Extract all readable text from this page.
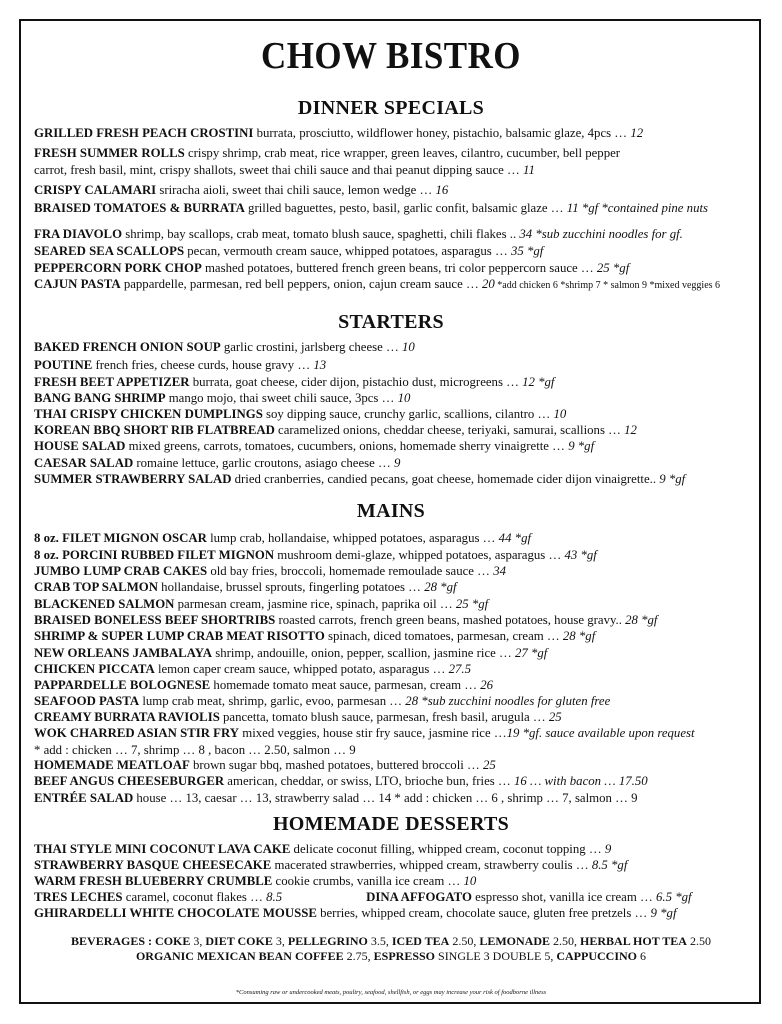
CHOW BISTRO
DINNER SPECIALS
GRILLED FRESH PEACH CROSTINI burrata, prosciutto, wildflower honey, pistachio, balsamic glaze, 4pcs … 12
FRESH SUMMER ROLLS crispy shrimp, crab meat, rice wrapper, green leaves, cilantro, cucumber, bell pepper
carrot, fresh basil, mint, crispy shallots, sweet thai chili sauce and thai peanut dipping sauce … 11
CRISPY CALAMARI sriracha aioli, sweet thai chili sauce, lemon wedge … 16
BRAISED TOMATOES & BURRATA grilled baguettes, pesto, basil, garlic confit, balsamic glaze … 11 *gf *contained pine nuts
FRA DIAVOLO shrimp, bay scallops, crab meat, tomato blush sauce, spaghetti, chili flakes .. 34 *sub zucchini noodles for gf.
SEARED SEA SCALLOPS pecan, vermouth cream sauce, whipped potatoes, asparagus … 35 *gf
PEPPERCORN PORK CHOP mashed potatoes, buttered french green beans, tri color peppercorn sauce … 25 *gf
CAJUN PASTA pappardelle, parmesan, red bell peppers, onion, cajun cream sauce … 20 *add chicken 6 *shrimp 7 * salmon 9 *mixed veggies 6
STARTERS
BAKED FRENCH ONION SOUP garlic crostini, jarlsberg cheese … 10
POUTINE french fries, cheese curds, house gravy … 13
FRESH BEET APPETIZER burrata, goat cheese, cider dijon, pistachio dust, microgreens … 12 *gf
BANG BANG SHRIMP mango mojo, thai sweet chili sauce, 3pcs … 10
THAI CRISPY CHICKEN DUMPLINGS soy dipping sauce, crunchy garlic, scallions, cilantro … 10
KOREAN BBQ SHORT RIB FLATBREAD caramelized onions, cheddar cheese, teriyaki, samurai, scallions … 12
HOUSE SALAD mixed greens, carrots, tomatoes, cucumbers, onions, homemade sherry vinaigrette … 9 *gf
CAESAR SALAD romaine lettuce, garlic croutons, asiago cheese … 9
SUMMER STRAWBERRY SALAD dried cranberries, candied pecans, goat cheese, homemade cider dijon vinaigrette.. 9 *gf
MAINS
8 oz. FILET MIGNON OSCAR lump crab, hollandaise, whipped potatoes, asparagus … 44 *gf
8 oz. PORCINI RUBBED FILET MIGNON mushroom demi-glaze, whipped potatoes, asparagus … 43 *gf
JUMBO LUMP CRAB CAKES old bay fries, broccoli, homemade remoulade sauce … 34
CRAB TOP SALMON hollandaise, brussel sprouts, fingerling potatoes … 28 *gf
BLACKENED SALMON parmesan cream, jasmine rice, spinach, paprika oil … 25 *gf
BRAISED BONELESS BEEF SHORTRIBS roasted carrots, french green beans, mashed potatoes, house gravy.. 28 *gf
SHRIMP & SUPER LUMP CRAB MEAT RISOTTO spinach, diced tomatoes, parmesan, cream … 28 *gf
NEW ORLEANS JAMBALAYA shrimp, andouille, onion, pepper, scallion, jasmine rice … 27 *gf
CHICKEN PICCATA lemon caper cream sauce, whipped potato, asparagus … 27.5
PAPPARDELLE BOLOGNESE homemade tomato meat sauce, parmesan, cream … 26
SEAFOOD PASTA lump crab meat, shrimp, garlic, evoo, parmesan … 28 *sub zucchini noodles for gluten free
CREAMY BURRATA RAVIOLIS pancetta, tomato blush sauce, parmesan, fresh basil, arugula … 25
WOK CHARRED ASIAN STIR FRY mixed veggies, house stir fry sauce, jasmine rice …19 *gf. sauce available upon request
* add : chicken … 7, shrimp … 8 , bacon … 2.50, salmon … 9
HOMEMADE MEATLOAF brown sugar bbq, mashed potatoes, buttered broccoli … 25
BEEF ANGUS CHEESEBURGER american, cheddar, or swiss, LTO, brioche bun, fries … 16 … with bacon … 17.50
ENTRÉE SALAD house … 13, caesar … 13, strawberry salad … 14 * add : chicken … 6 , shrimp … 7, salmon … 9
HOMEMADE DESSERTS
THAI STYLE MINI COCONUT LAVA CAKE delicate coconut filling, whipped cream, coconut topping … 9
STRAWBERRY BASQUE CHEESECAKE macerated strawberries, whipped cream, strawberry coulis … 8.5 *gf
WARM FRESH BLUEBERRY CRUMBLE cookie crumbs, vanilla ice cream … 10
TRES LECHES caramel, coconut flakes … 8.5	DINA AFFOGATO espresso shot, vanilla ice cream … 6.5 *gf
GHIRARDELLI WHITE CHOCOLATE MOUSSE berries, whipped cream, chocolate sauce, gluten free pretzels … 9 *gf
BEVERAGES : COKE 3, DIET COKE 3, PELLEGRINO 3.5, ICED TEA 2.50, LEMONADE 2.50, HERBAL HOT TEA 2.50
ORGANIC MEXICAN BEAN COFFEE 2.75, ESPRESSO SINGLE 3 DOUBLE 5, CAPPUCCINO 6
*Consuming raw or undercooked meats, poultry, seafood, shellfish, or eggs may increase your risk of foodborne illness
